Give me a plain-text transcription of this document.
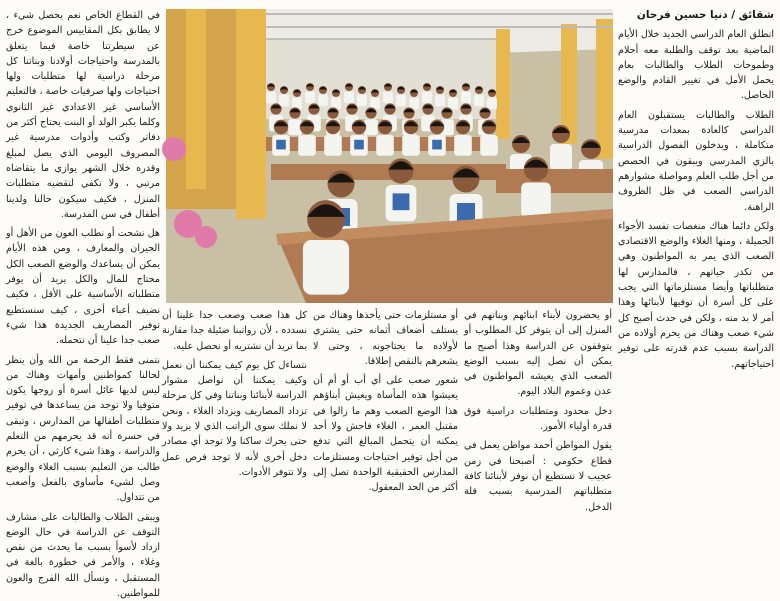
شقائق / دنيا حسين فرحان

انطلق العام الدراسي الجديد خلال الأيام الماضية بعد توقف والطلبة معه أحلام وطموحات الطلاب والطالبات بعام يحمل الأمل في تغيير القادم والوضع الحاصل.

الطلاب والطالبات يستقبلون العام الدراسي كالعادة بمعدات مدرسية متكاملة ، ويدخلون الفصول الدراسية بالزي المدرسي ويبقون في الحصص من أجل طلب العلم ومواصلة مشوارهم الدراسي الصعب في ظل الظروف الراهنة.

ولكن دائما هناك منغصات تفسد الأجواء الجميلة ، ومنها الغلاء والوضع الاقتصادي الصعب الذي يمر به المواطنون وهي من تكدر حياتهم ، فالمدارس لها متطلباتها وأيضا مستلزماتها التي يجب على كل أسرة أن توفيها لأبنائها وهذا أمر لا بد منه ، ولكن في حدث أصبح كل شيء صعب وهناك من يحرم أولاده من الدراسة بسبب عدم قدرته على توفير احتياجاتهم.

أو يحضرون لأبناء ابنائهم وبناتهم في المنزل إلى أن يتوفر كل المطلوب أو يتوقفون عن الدراسة وهذا أصبح ما يمكن أن نصل إليه بسبب الوضع الصعب الذي يعيشه المواطنون في عدن وعموم البلاد اليوم.

دخل محدود ومتطلبات دراسية فوق قدرة أولياء الأمور.

يقول المواطن أحمد مواطن يعمل في قطاع حكومي : أصبحنا في زمن عجيب لا نستطيع أن نوفر لأبنائنا كافة متطلباتهم المدرسية بسبب قلة الدخل.

أو مستلزمات حتى يأخذها وهناك من يستلف أضعاف أثمانه حتى يشتري لأولاده ما يحتاجونه ، وحتى لا يشعرهم بالنقص إطلاقا.

شعور صعب على أي أب أو أم أن يعيشوا هذه المأساة ويعيش أبناؤهم هذا الوضع الصعب وهم ما زالوا في مقتبل العمر ، الغلاء فاحش ولا أحد يمكنه أن يتحمل المبالغ التي تدفع من أجل توفير احتياجات ومستلزمات المدارس الحقيقية الواحدة تصل إلى أكثر من الحد المعقول.

كل هذا صعب وصعب جدا علينا أن نسدده ، لأن رواتبنا ضئيلة جدا مقارنة بما نريد أن نشتريه أو نحصل عليه.

نتساءل كل يوم كيف يمكننا أن نعمل وكيف يمكننا أن نواصل مشوار الدراسة لأبنائنا وبناتنا وفي كل مرحلة تزداد المصاريف ويزداد الغلاء ، ونحن لا نملك سوى الراتب الذي لا يزيد ولا حتى يحرك ساكنا ولا توجد أي مصادر دخل أخرى لأنه لا توجد فرص عمل ولا تتوفر الأدوات.

في القطاع الخاص نعم يحصل شيء ، لا يطابق بكل المقاييس الموضوع خرج عن سيطرتنا خاصة فيما يتعلق بالمدرسة واحتياجات أولادنا وبناتنا كل مرحلة دراسية لها متطلبات ولها احتياجات ولها صرفيات خاصة ، فالتعليم الأساسي غير الاعدادي غير الثانوي وكلما يكبر الولد أو البنت يحتاج أكثر من دفاتر وكتب وأدوات مدرسية غير المصروف اليومي الذي يصل لمبلغ وقدره خلال الشهر يوازي ما يتقاضاه مرتبي ، ولا تكفي لتقضيه متطلبات المنزل ، فكيف سيكون حالنا ولدينا أطفال في سن المدرسة.

هل نشحت أو نطلب العون من الأهل أو الجيران والمعارف ، ومن هذه الأيام يمكن أن يساعدك والوضع الصعب الكل محتاج للمال والكل يريد أن يوفر متطلباته الأساسية على الأقل ، فكيف نضيف أعباء أخرى ، كيف سنستطيع توفير المصاريف الجديدة هذا شيء صعب جدا علينا أن نتحمله.

نتمنى فقط الرحمة من الله وأن ينظر لحالنا كمواطنين وأمهات وهناك من ليس لديها عائل أسرة أو زوجها يكون متوفيا ولا توجد من يساعدها في توفير متطلبات أطفالها من المدارس ، وتبقى في حسرة أنه قد يحرمهم من التعلم والدراسة ، وهذا شيء كارثي ، أن يحرم طالب من التعليم بسبب الغلاء والوضع وصل لشيء مأساوي بالفعل وأصعب من تتداول.

ويبقى الطلاب والطالبات على مشارف التوقف عن الدراسة في حال الوضع ازداد لأسوأ بسبب ما يحدث من نقص وغلاء ، والأمر في خطورة بالغة في المستقبل ، ونسأل الله الفرج والعون للمواطنين.
